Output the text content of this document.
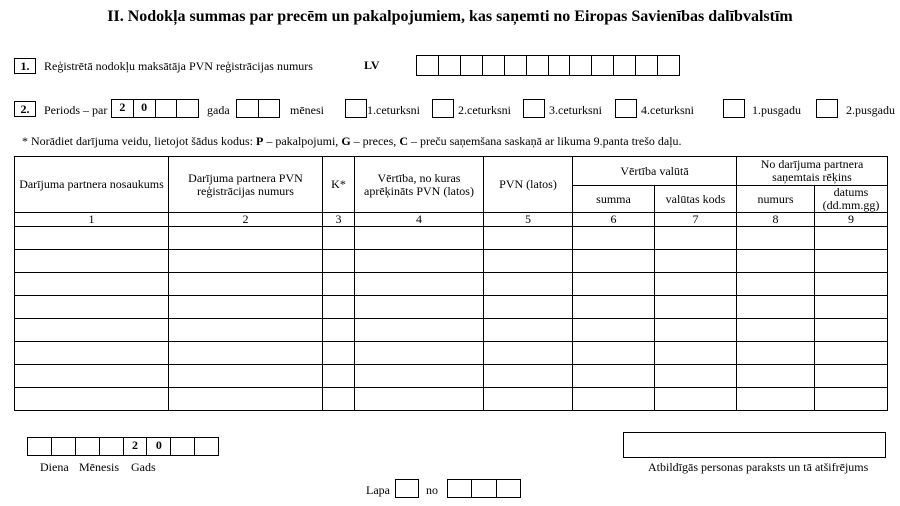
II. Nodokļa summas par precēm un pakalpojumiem, kas saņemti no Eiropas Savienības dalībvalstīm
1.	Reģistrētā nodokļu maksātāja PVN reģistrācijas numurs	LV
2.	Periods – par	2	0	gada	mēnesi	1.ceturksni	2.ceturksni	3.ceturksni	4.ceturksni	1.pusgadu	2.pusgadu
* Norādiet darījuma veidu, lietojot šādus kodus: P – pakalpojumi, G – preces, C – preču saņemšana saskaņā ar likuma 9.panta trešo daļu.
Darījuma partnera nosaukums	Darījuma partnera PVN reģistrācijas numurs	K*	Vērtība, no kuras aprēķināts PVN (latos)	PVN (latos)	Vērtība valūtā		No darījuma partnera saņemtais rēķins	
					summa	valūtas kods	numurs	datums (dd.mm.gg)
1	2	3	4	5	6	7	8	9

2	0
Diena Mēnesis Gads	Atbildīgās personas paraksts un tā atšifrējums
Lapa	no
